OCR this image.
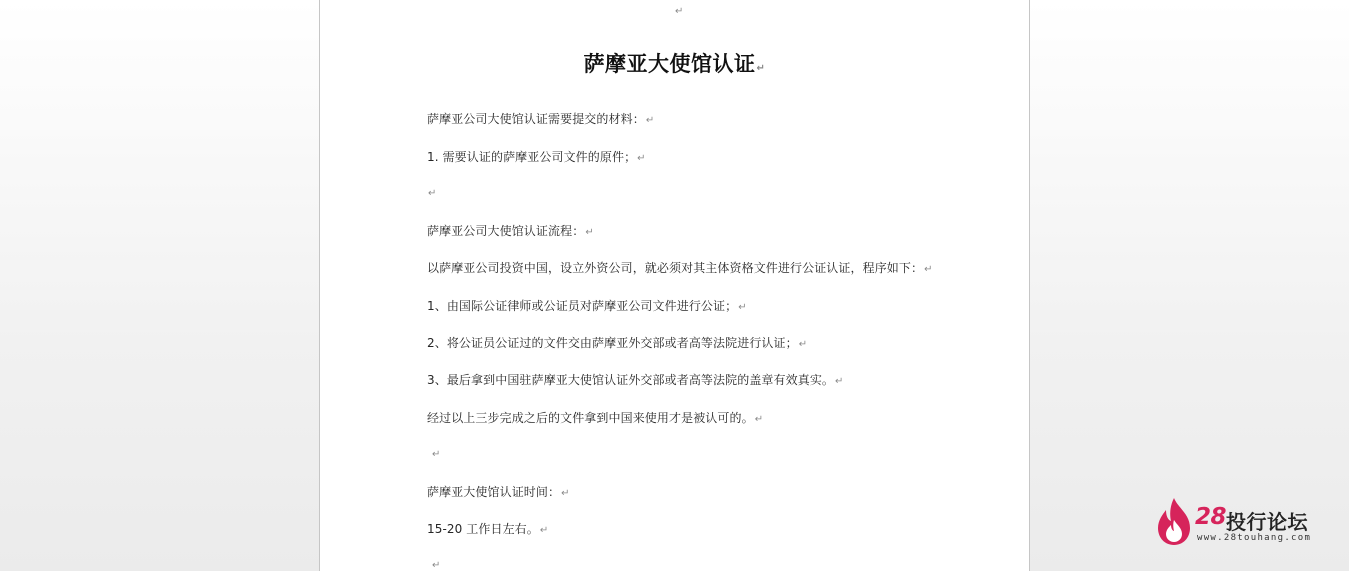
↵
萨摩亚大使馆认证↵
萨摩亚公司大使馆认证需要提交的材料：↵
1. 需要认证的萨摩亚公司文件的原件；↵
↵
萨摩亚公司大使馆认证流程：↵
以萨摩亚公司投资中国，设立外资公司，就必须对其主体资格文件进行公证认证，程序如下：↵
1、由国际公证律师或公证员对萨摩亚公司文件进行公证；↵
2、将公证员公证过的文件交由萨摩亚外交部或者高等法院进行认证；↵
3、最后拿到中国驻萨摩亚大使馆认证外交部或者高等法院的盖章有效真实。↵
经过以上三步完成之后的文件拿到中国来使用才是被认可的。↵
↵
萨摩亚大使馆认证时间：↵
15-20 工作日左右。↵
↵
28 投行论坛
www.28touhang.com
